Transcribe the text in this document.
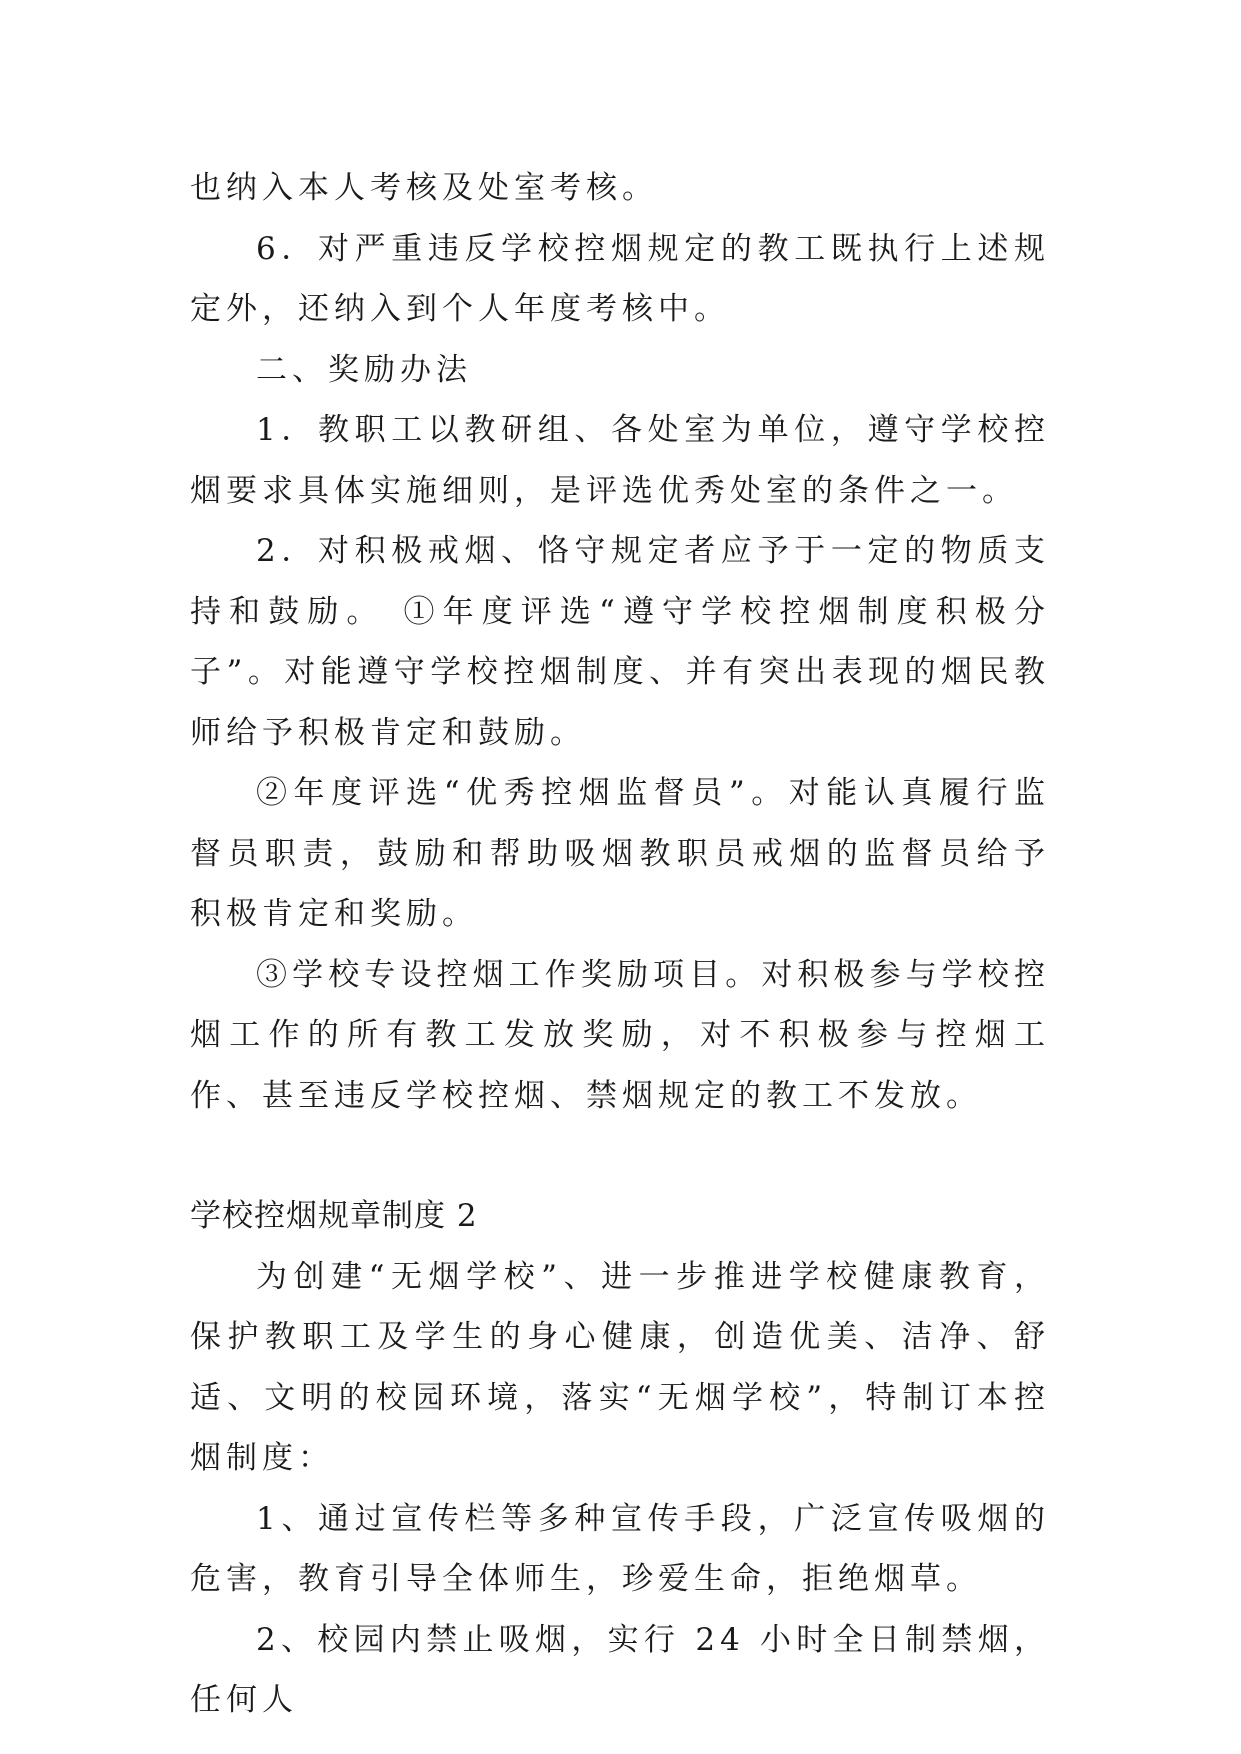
也纳入本人考核及处室考核。

6．对严重违反学校控烟规定的教工既执行上述规定外，还纳入到个人年度考核中。

二、奖励办法

1．教职工以教研组、各处室为单位，遵守学校控烟要求具体实施细则，是评选优秀处室的条件之一。

2．对积极戒烟、恪守规定者应予于一定的物质支持和鼓励。 ①年度评选“遵守学校控烟制度积极分子”。对能遵守学校控烟制度、并有突出表现的烟民教师给予积极肯定和鼓励。

②年度评选“优秀控烟监督员”。对能认真履行监督员职责，鼓励和帮助吸烟教职员戒烟的监督员给予积极肯定和奖励。

③学校专设控烟工作奖励项目。对积极参与学校控烟工作的所有教工发放奖励，对不积极参与控烟工作、甚至违反学校控烟、禁烟规定的教工不发放。

学校控烟规章制度 2

为创建“无烟学校”、进一步推进学校健康教育，保护教职工及学生的身心健康，创造优美、洁净、舒适、文明的校园环境，落实“无烟学校”，特制订本控烟制度：

1、通过宣传栏等多种宣传手段，广泛宣传吸烟的危害，教育引导全体师生，珍爱生命，拒绝烟草。

2、校园内禁止吸烟，实行 24 小时全日制禁烟，任何人
